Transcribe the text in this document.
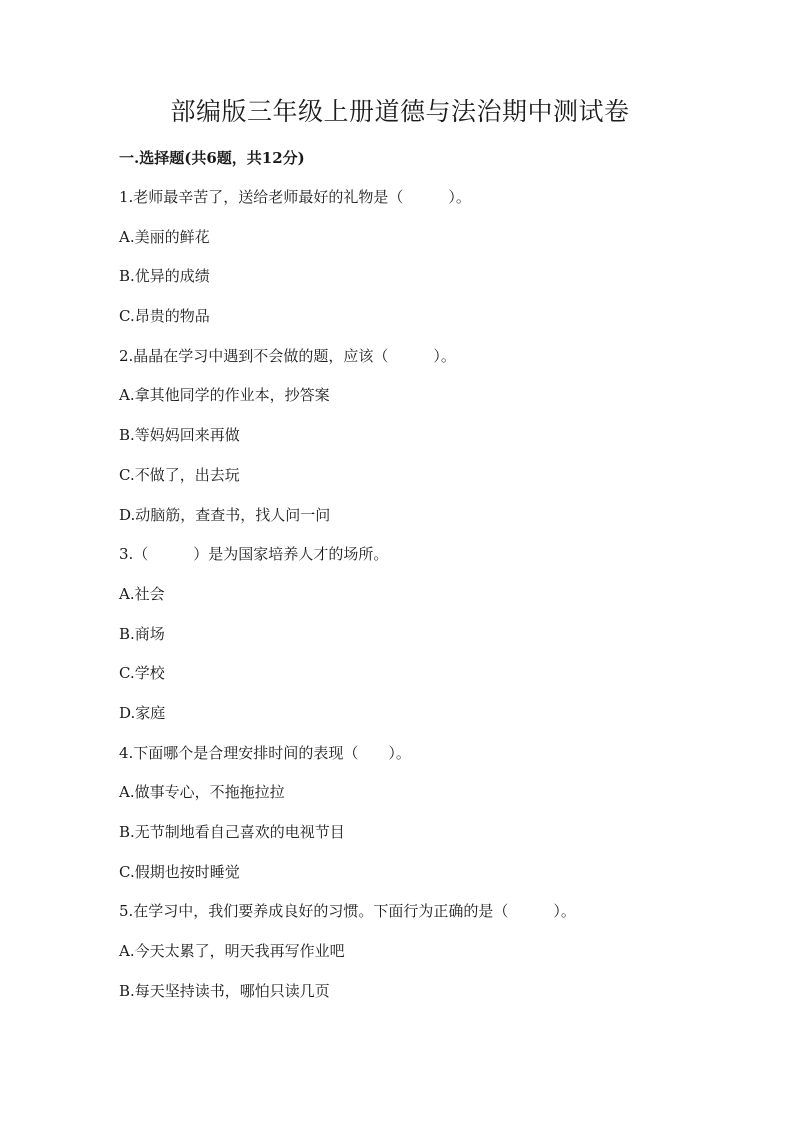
部编版三年级上册道德与法治期中测试卷
一.选择题(共6题，共12分)
1.老师最辛苦了，送给老师最好的礼物是（　　　）。
A.美丽的鲜花
B.优异的成绩
C.昂贵的物品
2.晶晶在学习中遇到不会做的题，应该（　　　）。
A.拿其他同学的作业本，抄答案
B.等妈妈回来再做
C.不做了，出去玩
D.动脑筋，查查书，找人问一问
3.（　　　）是为国家培养人才的场所。
A.社会
B.商场
C.学校
D.家庭
4.下面哪个是合理安排时间的表现（　　）。
A.做事专心，不拖拖拉拉
B.无节制地看自己喜欢的电视节目
C.假期也按时睡觉
5.在学习中，我们要养成良好的习惯。下面行为正确的是（　　　）。
A.今天太累了，明天我再写作业吧
B.每天坚持读书，哪怕只读几页
